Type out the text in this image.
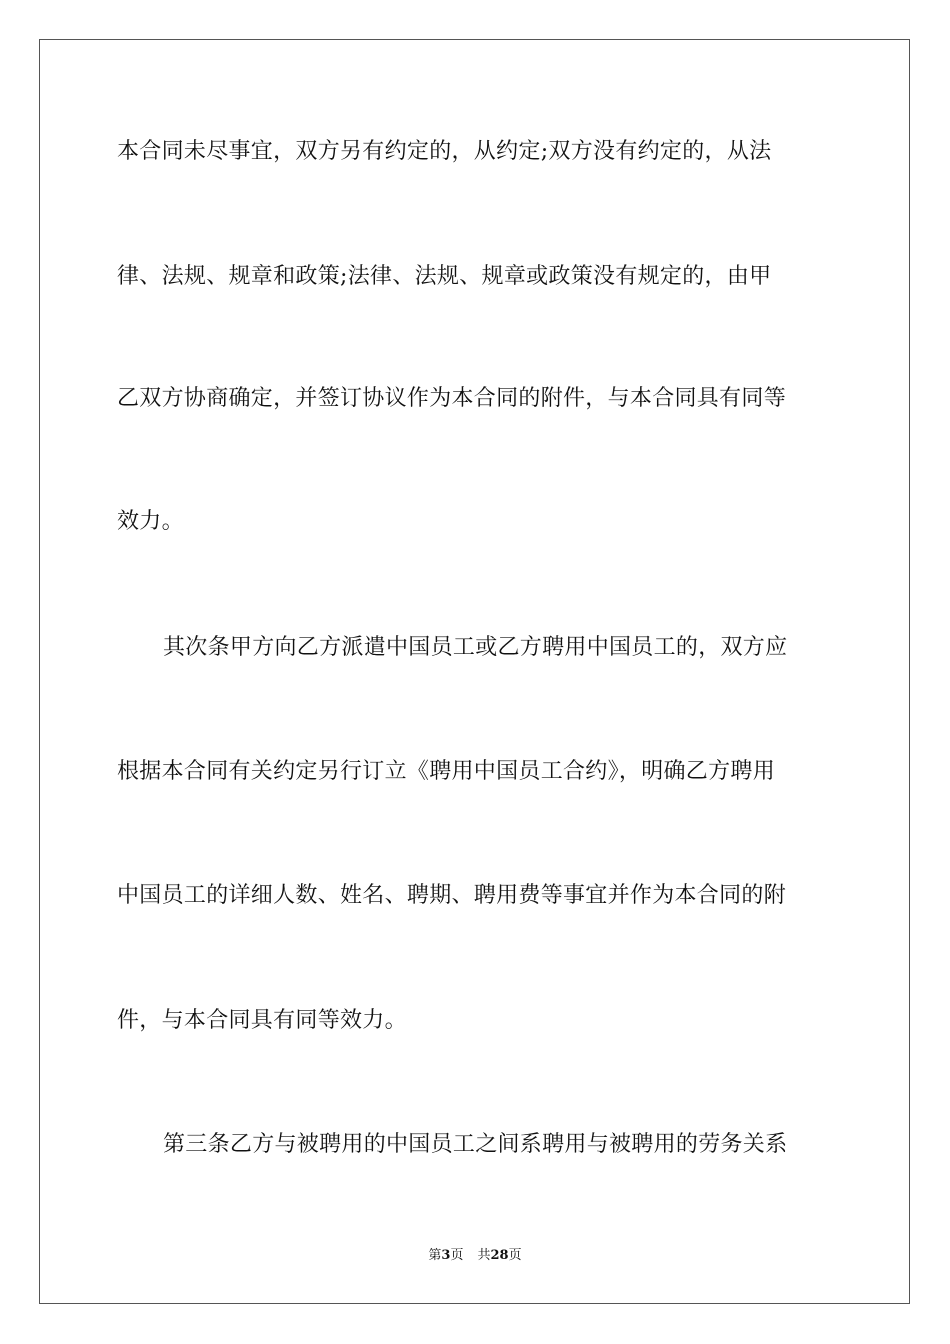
本合同未尽事宜，双方另有约定的，从约定;双方没有约定的，从法
律、法规、规章和政策;法律、法规、规章或政策没有规定的，由甲
乙双方协商确定，并签订协议作为本合同的附件，与本合同具有同等
效力。
其次条甲方向乙方派遣中国员工或乙方聘用中国员工的，双方应
根据本合同有关约定另行订立《聘用中国员工合约》，明确乙方聘用
中国员工的详细人数、姓名、聘期、聘用费等事宜并作为本合同的附
件，与本合同具有同等效力。
第三条乙方与被聘用的中国员工之间系聘用与被聘用的劳务关系
第3页 共28页
